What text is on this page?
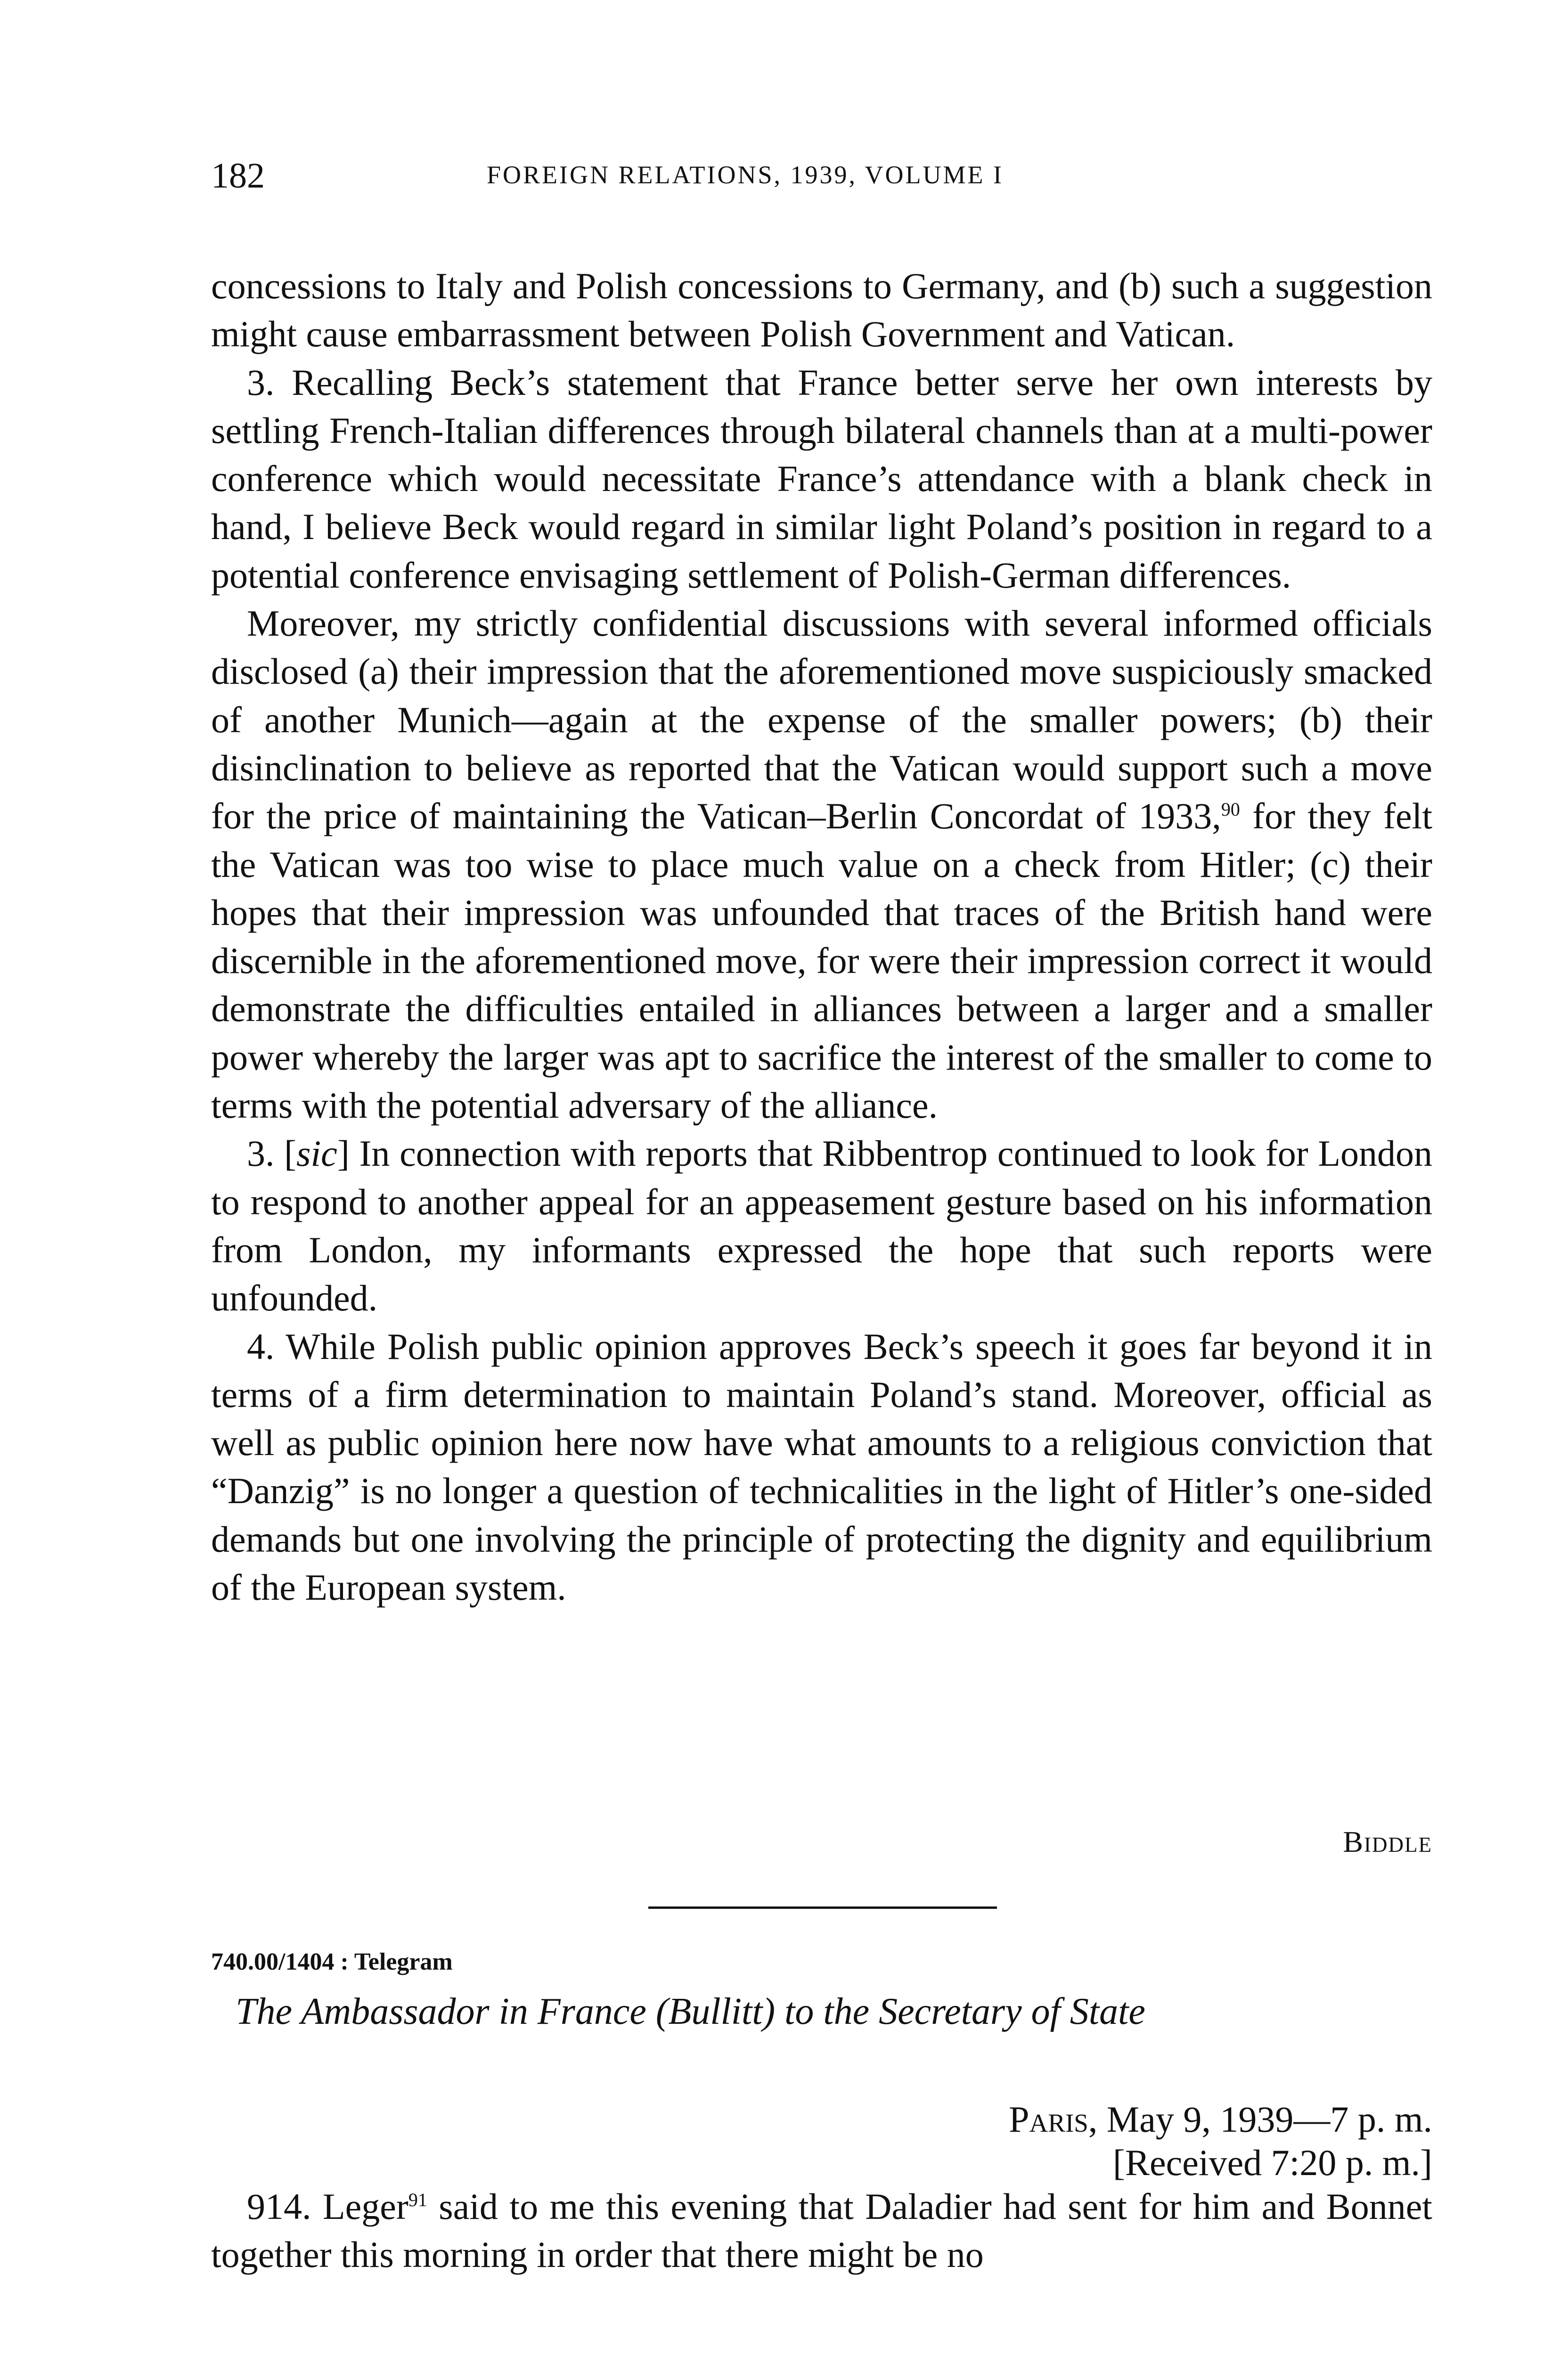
182	FOREIGN RELATIONS, 1939, VOLUME I

concessions to Italy and Polish concessions to Germany, and (b) such a suggestion might cause embarrassment between Polish Government and Vatican.

3. Recalling Beck’s statement that France better serve her own interests by settling French-Italian differences through bilateral channels than at a multi-power conference which would necessitate France’s attendance with a blank check in hand, I believe Beck would regard in similar light Poland’s position in regard to a potential conference envisaging settlement of Polish-German differences.

Moreover, my strictly confidential discussions with several informed officials disclosed (a) their impression that the aforementioned move suspiciously smacked of another Munich—again at the expense of the smaller powers; (b) their disinclination to believe as reported that the Vatican would support such a move for the price of maintaining the Vatican–Berlin Concordat of 1933,90 for they felt the Vatican was too wise to place much value on a check from Hitler; (c) their hopes that their impression was unfounded that traces of the British hand were discernible in the aforementioned move, for were their impression correct it would demonstrate the difficulties entailed in alliances between a larger and a smaller power whereby the larger was apt to sacrifice the interest of the smaller to come to terms with the potential adversary of the alliance.

3. [sic] In connection with reports that Ribbentrop continued to look for London to respond to another appeal for an appeasement gesture based on his information from London, my informants expressed the hope that such reports were unfounded.

4. While Polish public opinion approves Beck’s speech it goes far beyond it in terms of a firm determination to maintain Poland’s stand. Moreover, official as well as public opinion here now have what amounts to a religious conviction that “Danzig” is no longer a question of technicalities in the light of Hitler’s one-sided demands but one involving the principle of protecting the dignity and equilibrium of the European system.

Biddle
740.00/1404 : Telegram
The Ambassador in France (Bullitt) to the Secretary of State
Paris, May 9, 1939—7 p. m.
[Received 7:20 p. m.]

914. Leger$^{91}$ said to me this evening that Daladier had sent for him and Bonnet together this morning in order that there might be no
